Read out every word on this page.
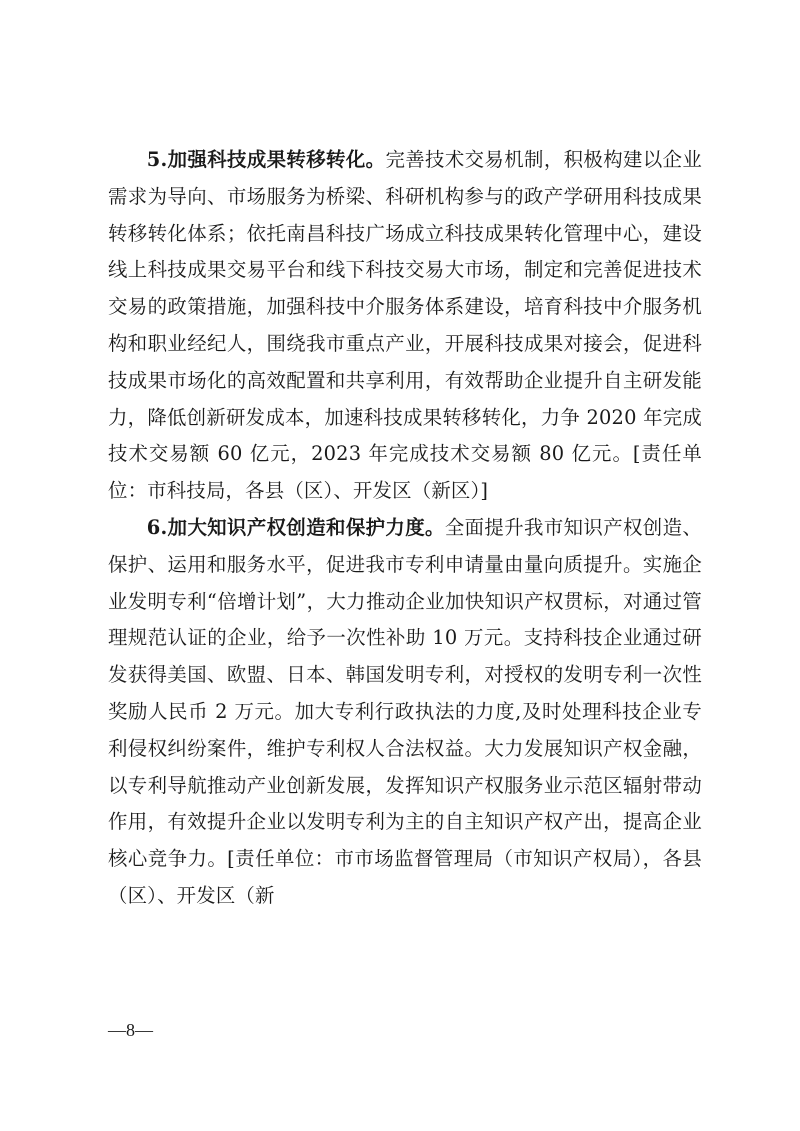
5.加强科技成果转移转化。完善技术交易机制，积极构建以企业需求为导向、市场服务为桥梁、科研机构参与的政产学研用科技成果转移转化体系；依托南昌科技广场成立科技成果转化管理中心，建设线上科技成果交易平台和线下科技交易大市场，制定和完善促进技术交易的政策措施，加强科技中介服务体系建设，培育科技中介服务机构和职业经纪人，围绕我市重点产业，开展科技成果对接会，促进科技成果市场化的高效配置和共享利用，有效帮助企业提升自主研发能力，降低创新研发成本，加速科技成果转移转化，力争 2020 年完成技术交易额 60 亿元，2023 年完成技术交易额 80 亿元。[责任单位：市科技局，各县（区）、开发区（新区）]

6.加大知识产权创造和保护力度。全面提升我市知识产权创造、保护、运用和服务水平，促进我市专利申请量由量向质提升。实施企业发明专利“倍增计划”，大力推动企业加快知识产权贯标，对通过管理规范认证的企业，给予一次性补助 10 万元。支持科技企业通过研发获得美国、欧盟、日本、韩国发明专利，对授权的发明专利一次性奖励人民币 2 万元。加大专利行政执法的力度,及时处理科技企业专利侵权纠纷案件，维护专利权人合法权益。大力发展知识产权金融，以专利导航推动产业创新发展，发挥知识产权服务业示范区辐射带动作用，有效提升企业以发明专利为主的自主知识产权产出，提高企业核心竞争力。[责任单位：市市场监督管理局（市知识产权局），各县（区）、开发区（新

—8—
